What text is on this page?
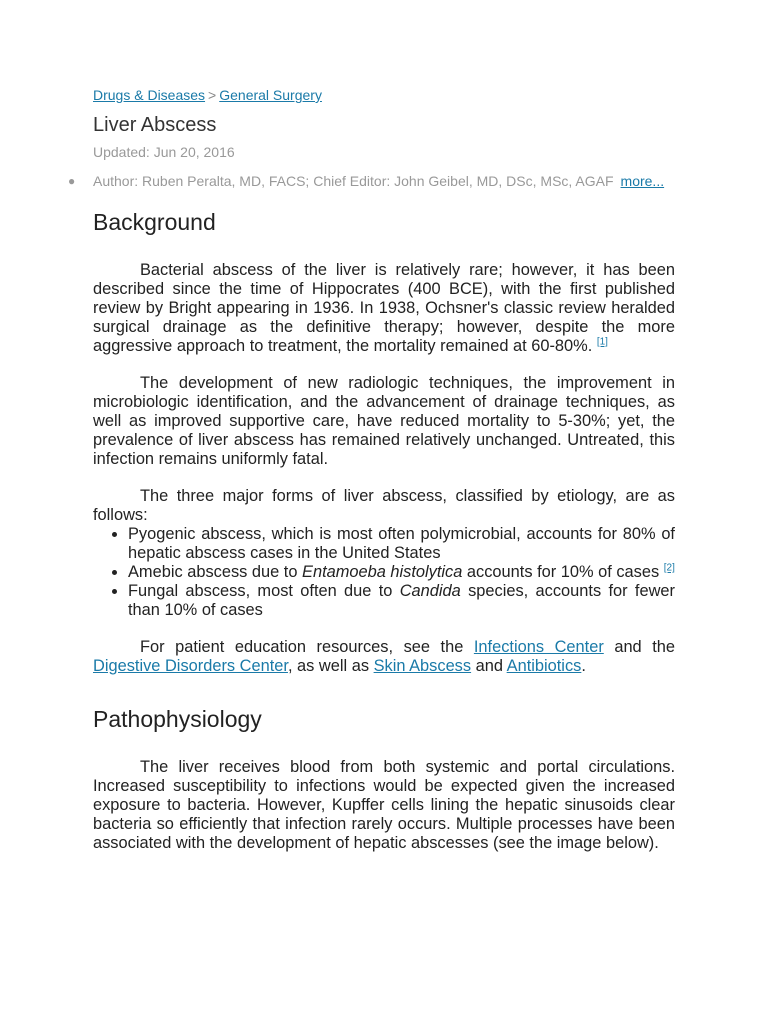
Drugs & Diseases > General Surgery
Liver Abscess
Updated: Jun 20, 2016
● Author: Ruben Peralta, MD, FACS; Chief Editor: John Geibel, MD, DSc, MSc, AGAF more...
Background

Bacterial abscess of the liver is relatively rare; however, it has been described since the time of Hippocrates (400 BCE), with the first published review by Bright appearing in 1936. In 1938, Ochsner's classic review heralded surgical drainage as the definitive therapy; however, despite the more aggressive approach to treatment, the mortality remained at 60-80%. [1]

The development of new radiologic techniques, the improvement in microbiologic identification, and the advancement of drainage techniques, as well as improved supportive care, have reduced mortality to 5-30%; yet, the prevalence of liver abscess has remained relatively unchanged. Untreated, this infection remains uniformly fatal.

The three major forms of liver abscess, classified by etiology, are as follows:

• Pyogenic abscess, which is most often polymicrobial, accounts for 80% of hepatic abscess cases in the United States
• Amebic abscess due to Entamoeba histolytica accounts for 10% of cases [2]
• Fungal abscess, most often due to Candida species, accounts for fewer than 10% of cases

For patient education resources, see the Infections Center and the Digestive Disorders Center, as well as Skin Abscess and Antibiotics.

Pathophysiology

The liver receives blood from both systemic and portal circulations. Increased susceptibility to infections would be expected given the increased exposure to bacteria. However, Kupffer cells lining the hepatic sinusoids clear bacteria so efficiently that infection rarely occurs. Multiple processes have been associated with the development of hepatic abscesses (see the image below).
